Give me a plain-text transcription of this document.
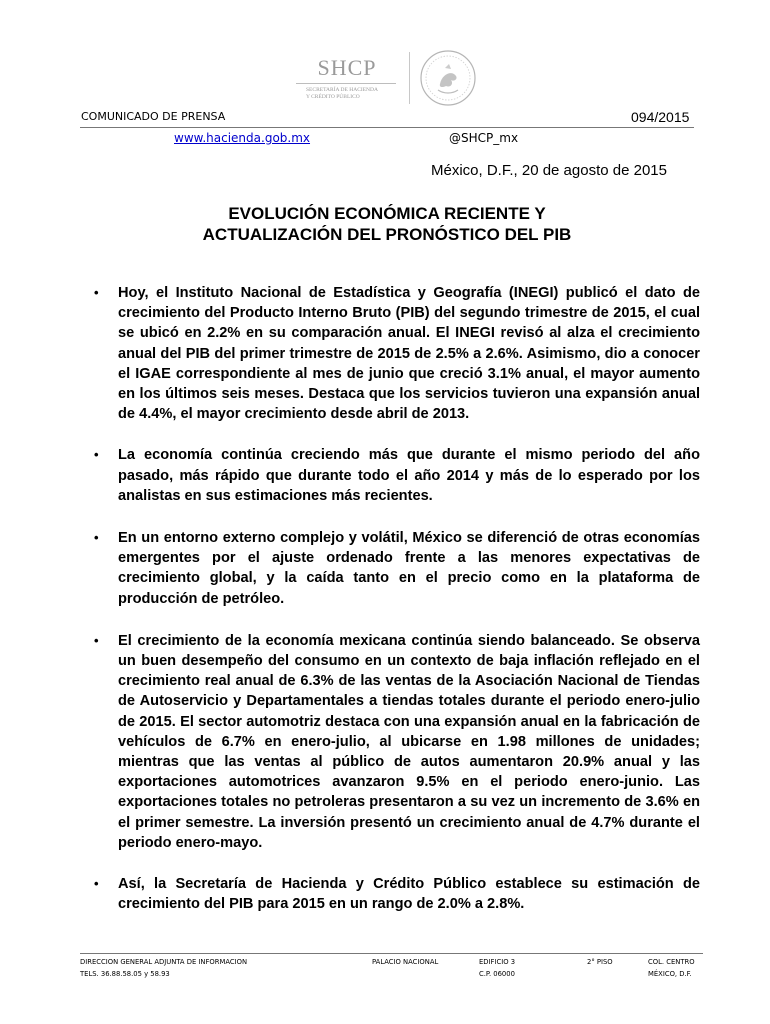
SHCP
SECRETARÍA DE HACIENDA
Y CRÉDITO PÚBLICO
COMUNICADO DE PRENSA	094/2015
www.hacienda.gob.mx	@SHCP_mx
México, D.F., 20 de agosto de 2015
EVOLUCIÓN ECONÓMICA RECIENTE Y
ACTUALIZACIÓN DEL PRONÓSTICO DEL PIB
• Hoy, el Instituto Nacional de Estadística y Geografía (INEGI) publicó el dato de crecimiento del Producto Interno Bruto (PIB) del segundo trimestre de 2015, el cual se ubicó en 2.2% en su comparación anual. El INEGI revisó al alza el crecimiento anual del PIB del primer trimestre de 2015 de 2.5% a 2.6%. Asimismo, dio a conocer el IGAE correspondiente al mes de junio que creció 3.1% anual, el mayor aumento en los últimos seis meses. Destaca que los servicios tuvieron una expansión anual de 4.4%, el mayor crecimiento desde abril de 2013.
• La economía continúa creciendo más que durante el mismo periodo del año pasado, más rápido que durante todo el año 2014 y más de lo esperado por los analistas en sus estimaciones más recientes.
• En un entorno externo complejo y volátil, México se diferenció de otras economías emergentes por el ajuste ordenado frente a las menores expectativas de crecimiento global, y la caída tanto en el precio como en la plataforma de producción de petróleo.
• El crecimiento de la economía mexicana continúa siendo balanceado. Se observa un buen desempeño del consumo en un contexto de baja inflación reflejado en el crecimiento real anual de 6.3% de las ventas de la Asociación Nacional de Tiendas de Autoservicio y Departamentales a tiendas totales durante el periodo enero-julio de 2015. El sector automotriz destaca con una expansión anual en la fabricación de vehículos de 6.7% en enero-julio, al ubicarse en 1.98 millones de unidades; mientras que las ventas al público de autos aumentaron 20.9% anual y las exportaciones automotrices avanzaron 9.5% en el periodo enero-junio. Las exportaciones totales no petroleras presentaron a su vez un incremento de 3.6% en el primer semestre. La inversión presentó un crecimiento anual de 4.7% durante el periodo enero-mayo.
• Así, la Secretaría de Hacienda y Crédito Público establece su estimación de crecimiento del PIB para 2015 en un rango de 2.0% a 2.8%.
DIRECCION GENERAL ADJUNTA DE INFORMACION
TELS. 36.88.58.05 y 58.93
PALACIO NACIONAL	EDIFICIO 3
C.P. 06000
2° PISO	COL. CENTRO
MÉXICO, D.F.
